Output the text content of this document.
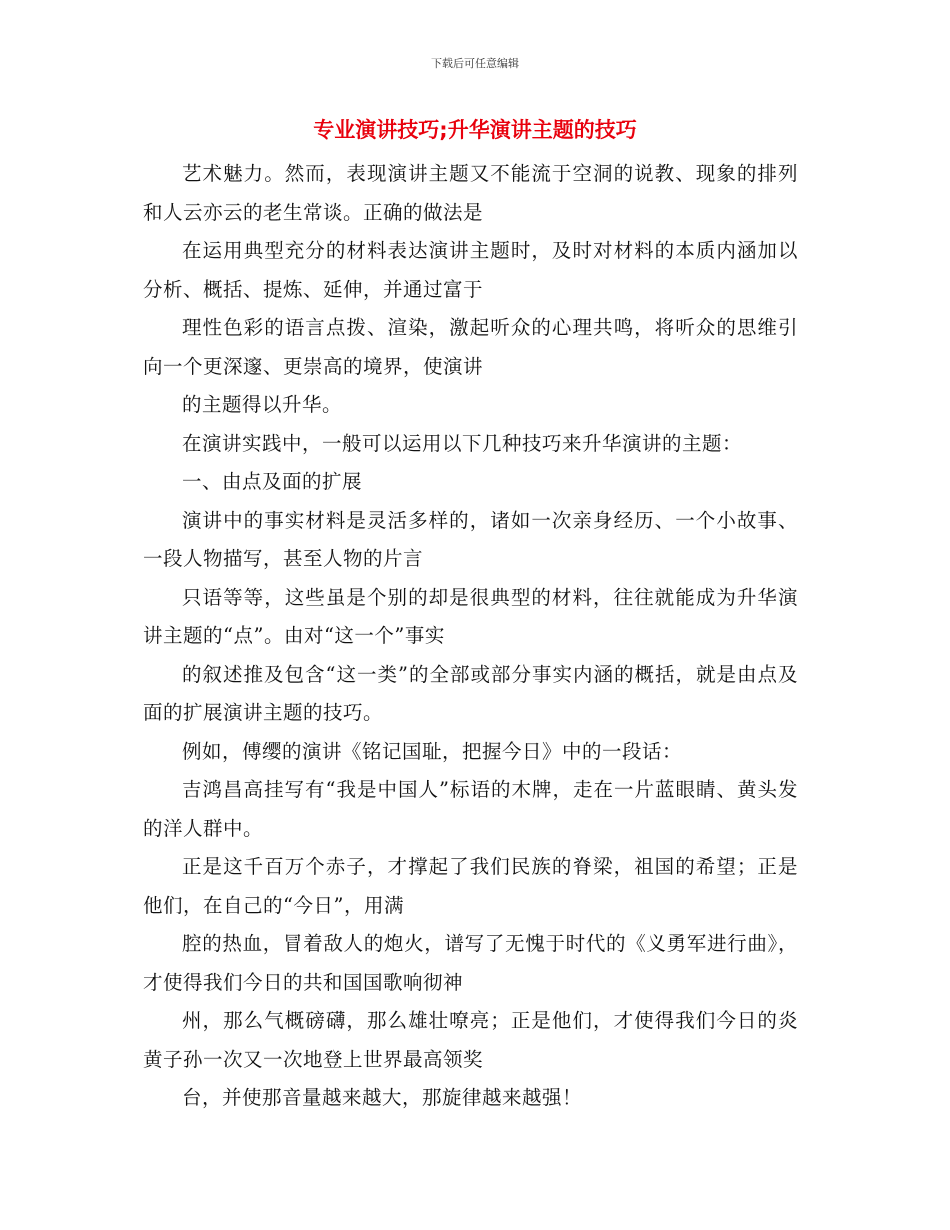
下载后可任意编辑
专业演讲技巧;升华演讲主题的技巧

艺术魅力。然而，表现演讲主题又不能流于空洞的说教、现象的排列和人云亦云的老生常谈。正确的做法是

在运用典型充分的材料表达演讲主题时，及时对材料的本质内涵加以分析、概括、提炼、延伸，并通过富于

理性色彩的语言点拨、渲染，激起听众的心理共鸣，将听众的思维引向一个更深邃、更崇高的境界，使演讲

的主题得以升华。

在演讲实践中，一般可以运用以下几种技巧来升华演讲的主题：

一、由点及面的扩展

演讲中的事实材料是灵活多样的，诸如一次亲身经历、一个小故事、一段人物描写，甚至人物的片言

只语等等，这些虽是个别的却是很典型的材料，往往就能成为升华演讲主题的“点”。由对“这一个”事实

的叙述推及包含“这一类”的全部或部分事实内涵的概括，就是由点及面的扩展演讲主题的技巧。

例如，傅缨的演讲《铭记国耻，把握今日》中的一段话：

吉鸿昌高挂写有“我是中国人”标语的木牌，走在一片蓝眼睛、黄头发的洋人群中。

正是这千百万个赤子，才撑起了我们民族的脊梁，祖国的希望；正是他们，在自己的“今日”，用满

腔的热血，冒着敌人的炮火，谱写了无愧于时代的《义勇军进行曲》，才使得我们今日的共和国国歌响彻神

州，那么气概磅礴，那么雄壮嘹亮；正是他们，才使得我们今日的炎黄子孙一次又一次地登上世界最高领奖

台，并使那音量越来越大，那旋律越来越强！
